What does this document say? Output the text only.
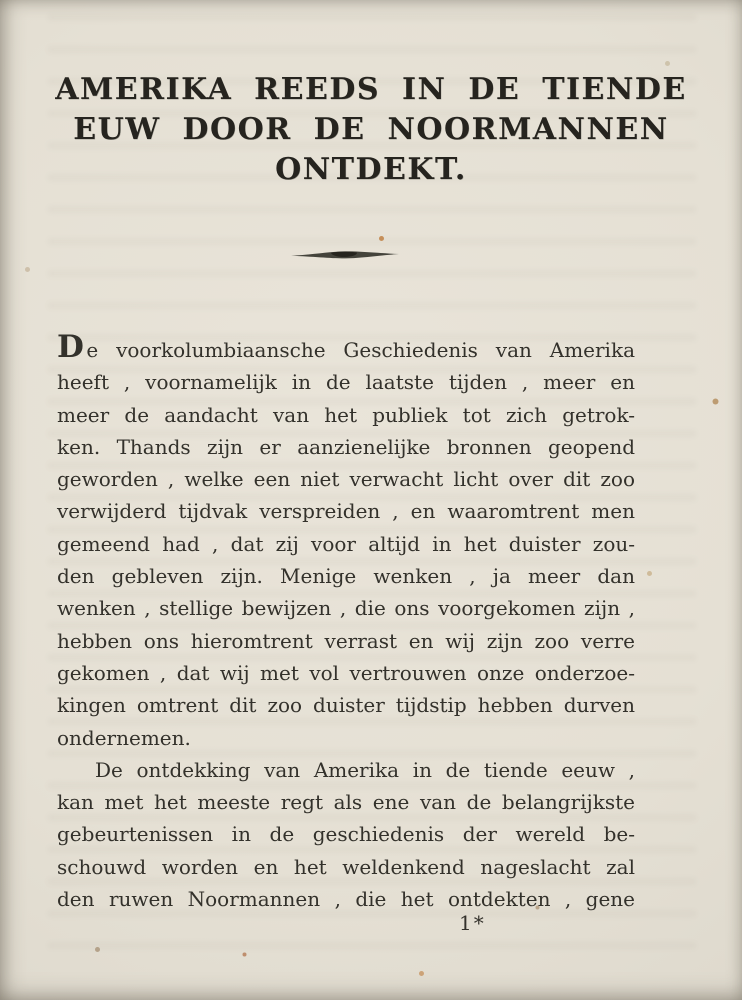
AMERIKA REEDS IN DE TIENDE
EUW DOOR DE NOORMANNEN
ONTDEKT.
De voorkolumbiaansche Geschiedenis van Amerika
heeft , voornamelijk in de laatste tijden , meer en
meer de aandacht van het publiek tot zich getrok-
ken. Thands zijn er aanzienelijke bronnen geopend
geworden , welke een niet verwacht licht over dit zoo
verwijderd tijdvak verspreiden , en waaromtrent men
gemeend had , dat zij voor altijd in het duister zou-
den gebleven zijn. Menige wenken , ja meer dan
wenken , stellige bewijzen , die ons voorgekomen zijn ,
hebben ons hieromtrent verrast en wij zijn zoo verre
gekomen , dat wij met vol vertrouwen onze onderzoe-
kingen omtrent dit zoo duister tijdstip hebben durven
ondernemen.
De ontdekking van Amerika in de tiende eeuw ,
kan met het meeste regt als ene van de belangrijkste
gebeurtenissen in de geschiedenis der wereld be-
schouwd worden en het weldenkend nageslacht zal
den ruwen Noormannen , die het ontdekten , gene
1*
